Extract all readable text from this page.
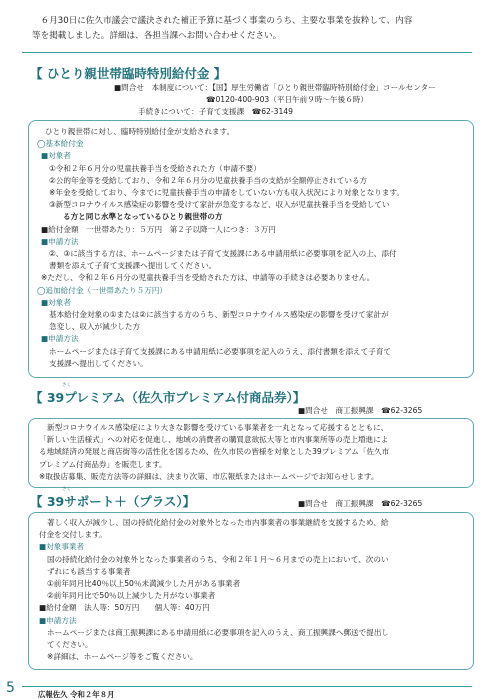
　６月30日に佐久市議会で議決された補正予算に基づく事業のうち、主要な事業を抜粋して、内容
等を掲載しました。詳細は、各担当課へお問い合わせください。
【 ひとり親世帯臨時特別給付金 】
■問合せ　本制度について：【国】厚生労働省「ひとり親世帯臨時特別給付金」コールセンター
☎0120-400-903（平日午前９時～午後６時）
手続きについて：子育て支援課　☎62-3149
ひとり親世帯に対し、臨時特別給付金が支給されます。
◯基本給付金
■対象者
①令和２年６月分の児童扶養手当を受給された方（申請不要）
②公的年金等を受給しており、令和２年６月分の児童扶養手当の支給が全額停止されている方
※年金を受給しており、今までに児童扶養手当の申請をしていない方も収入状況により対象となります。
③新型コロナウイルス感染症の影響を受けて家計が急変するなど、収入が児童扶養手当を受給してい
る方と同じ水準となっているひとり親世帯の方
■給付金額　一世帯あたり：５万円　第２子以降一人につき：３万円
■申請方法
②、③に該当する方は、ホームページまたは子育て支援課にある申請用紙に必要事項を記入の上、添付
書類を添えて子育て支援課へ提出してください。
※ただし、令和２年６月分の児童扶養手当を受給された方は、申請等の手続きは必要ありません。
◯追加給付金（一世帯あたり５万円）
■対象者
基本給付金対象の①または②に該当する方のうち、新型コロナウイルス感染症の影響を受けて家計が
急変し、収入が減少した方
■申請方法
ホームページまたは子育て支援課にある申請用紙に必要事項を記入のうえ、添付書類を添えて子育て
支援課へ提出してください。
さく
【 39プレミアム（佐久市プレミアム付商品券）】
■問合せ　商工振興課　☎62-3265
新型コロナウイルス感染症により大きな影響を受けている事業者を一丸となって応援するとともに、
「新しい生活様式」への対応を促進し、地域の消費者の購買意欲拡大等と市内事業所等の売上増進によ
る地域経済の発展と商店街等の活性化を図るため、佐久市民の皆様を対象とした39プレミアム「佐久市
プレミアム付商品券」を販売します。
※取扱店募集、販売方法等の詳細は、決まり次第、市広報紙またはホームページでお知らせします。
さく
【 39サポート＋（プラス）】	■問合せ　商工振興課　☎62-3265
著しく収入が減少し、国の持続化給付金の対象外となった市内事業者の事業継続を支援するため、給
付金を交付します。
■対象事業者
国の持続化給付金の対象外となった事業者のうち、令和２年１月～６月までの売上において、次のい
ずれにも該当する事業者
①前年同月比40％以上50％未満減少した月がある事業者
②前年同月比で50％以上減少した月がない事業者
■給付金額　法人等：50万円　　個人等：40万円
■申請方法
ホームページまたは商工振興課にある申請用紙に必要事項を記入のうえ、商工振興課へ郵送で提出し
てください。
※詳細は、ホームページ等をご覧ください。
5	広報佐久 令和２年８月
